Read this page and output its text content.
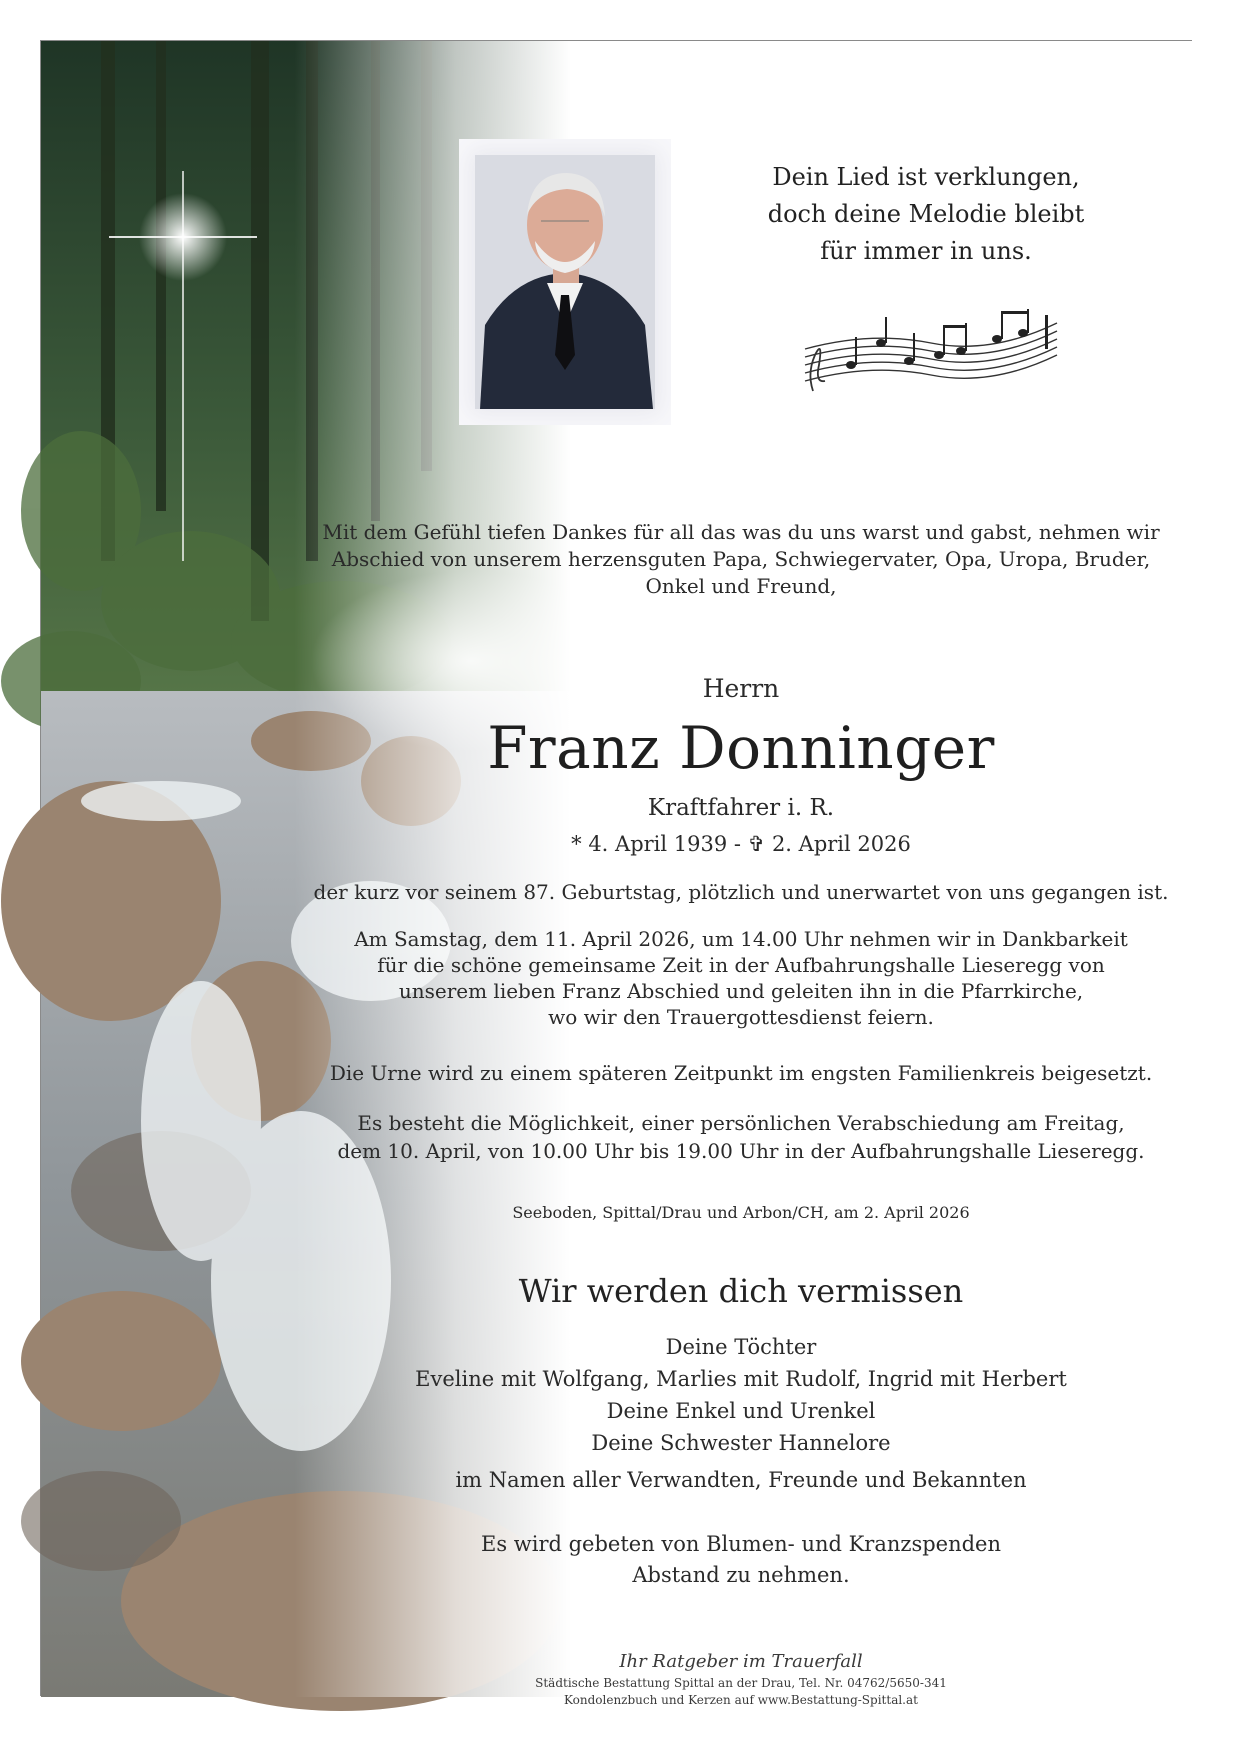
Dein Lied ist verklungen,
doch deine Melodie bleibt
für immer in uns.
Mit dem Gefühl tiefen Dankes für all das was du uns warst und gabst, nehmen wir
Abschied von unserem herzensguten Papa, Schwiegervater, Opa, Uropa, Bruder,
Onkel und Freund,
Herrn
Franz Donninger
Kraftfahrer i. R.
* 4. April 1939 - ✞ 2. April 2026
der kurz vor seinem 87. Geburtstag, plötzlich und unerwartet von uns gegangen ist.
Am Samstag, dem 11. April 2026, um 14.00 Uhr nehmen wir in Dankbarkeit
für die schöne gemeinsame Zeit in der Aufbahrungshalle Lieseregg von
unserem lieben Franz Abschied und geleiten ihn in die Pfarrkirche,
wo wir den Trauergottesdienst feiern.
Die Urne wird zu einem späteren Zeitpunkt im engsten Familienkreis beigesetzt.
Es besteht die Möglichkeit, einer persönlichen Verabschiedung am Freitag,
dem 10. April, von 10.00 Uhr bis 19.00 Uhr in der Aufbahrungshalle Lieseregg.
Seeboden, Spittal/Drau und Arbon/CH, am 2. April 2026
Wir werden dich vermissen
Deine Töchter
Eveline mit Wolfgang, Marlies mit Rudolf, Ingrid mit Herbert
Deine Enkel und Urenkel
Deine Schwester Hannelore
im Namen aller Verwandten, Freunde und Bekannten
Es wird gebeten von Blumen- und Kranzspenden
Abstand zu nehmen.
Ihr Ratgeber im Trauerfall
Städtische Bestattung Spittal an der Drau, Tel. Nr. 04762/5650-341
Kondolenzbuch und Kerzen auf www.Bestattung-Spittal.at
